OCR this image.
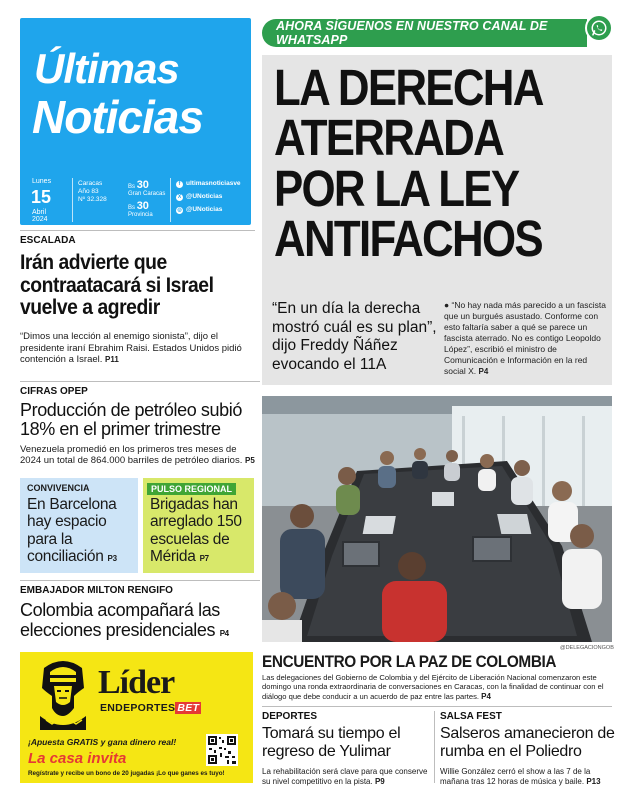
Últimas
Noticias
Lunes
15
Abril
2024
Caracas
Año 83
Nº 32.328
Bs 30
Gran Caracas
Bs 30
Provincia
f ultimasnoticiasve
X @UNoticias
◎ @UNoticias
AHORA SÍGUENOS EN NUESTRO CANAL DE WHATSAPP
LA DERECHA
ATERRADA
POR LA LEY
ANTIFACHOS
“En un día la derecha mostró cuál es su plan”, dijo Freddy Ñáñez evocando el 11A
● “No hay nada más parecido a un fascista que un burgués asustado. Conforme con esto faltaría saber a qué se parece un fascista aterrado. No es contigo Leopoldo López”, escribió el ministro de Comunicación e Información en la red social X. P4
ESCALADA
Irán advierte que contraatacará si Israel vuelve a agredir
“Dimos una lección al enemigo sionista”, dijo el presidente iraní Ebrahim Raisi. Estados Unidos pidió contención a Israel. P11
CIFRAS OPEP
Producción de petróleo subió 18% en el primer trimestre
Venezuela promedió en los primeros tres meses de 2024 un total de 864.000 barriles de petróleo diarios. P5
CONVIVENCIA
En Barcelona hay espacio para la conciliación P3
PULSO REGIONAL
Brigadas han arreglado 150 escuelas de Mérida P7
EMBAJADOR MILTON RENGIFO
Colombia acompañará las elecciones presidenciales P4
@DELEGACIONGOB
ENCUENTRO POR LA PAZ DE COLOMBIA
Las delegaciones del Gobierno de Colombia y del Ejército de Liberación Nacional comenzaron este domingo una ronda extraordinaria de conversaciones en Caracas, con la finalidad de continuar con el diálogo que debe conducir a un acuerdo de paz entre las partes. P4
Líder
ENDEPORTES BET
¡Apuesta GRATIS y gana dinero real!
La casa invita
Regístrate y recibe un bono de 20 jugadas ¡Lo que ganes es tuyo!
DEPORTES
Tomará su tiempo el regreso de Yulimar
La rehabilitación será clave para que conserve su nivel competitivo en la pista. P9
SALSA FEST
Salseros amanecieron de rumba en el Poliedro
Willie González cerró el show a las 7 de la mañana tras 12 horas de música y baile. P13
